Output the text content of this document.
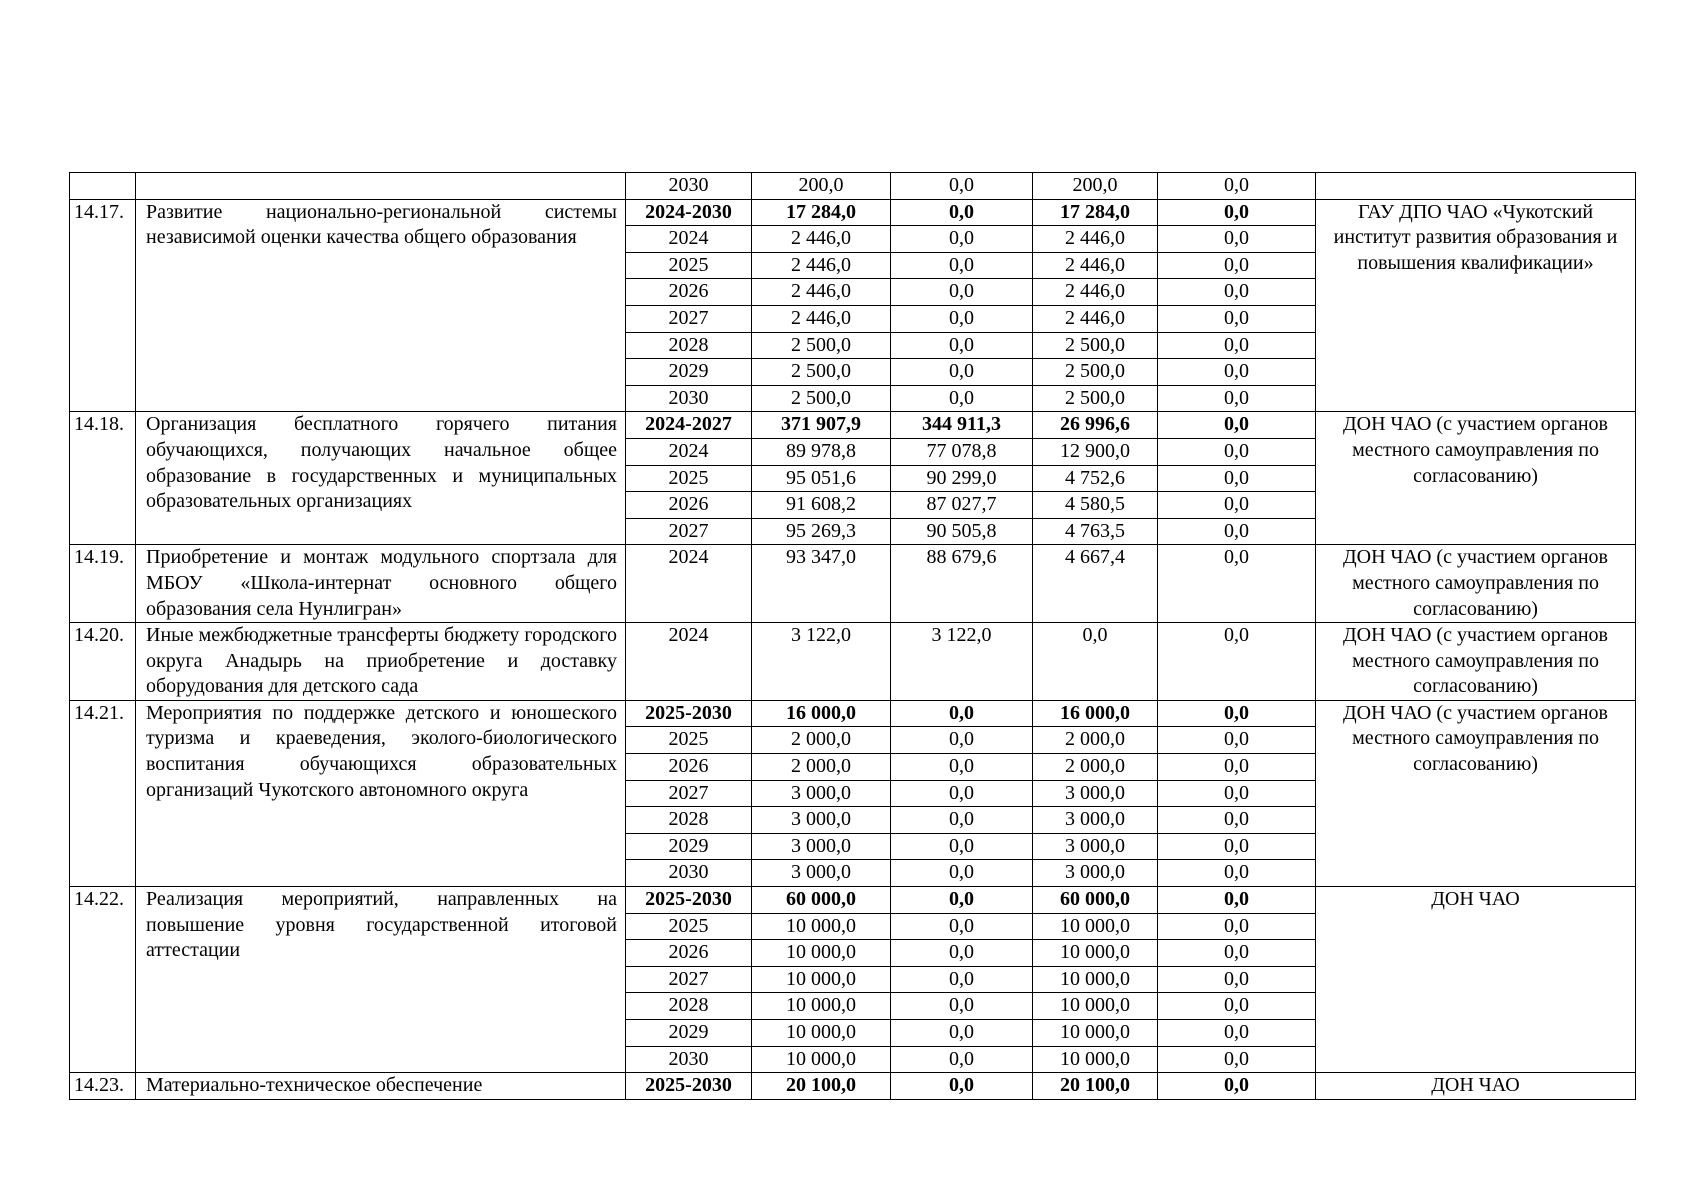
		2030	200,0	0,0	200,0	0,0	
14.17.	Развитие национально-региональной системы независимой оценки качества общего образования	2024-2030	17 284,0	0,0	17 284,0	0,0	ГАУ ДПО ЧАО «Чукотский институт развития образования и повышения квалификации»
		2024	2 446,0	0,0	2 446,0	0,0	
		2025	2 446,0	0,0	2 446,0	0,0	
		2026	2 446,0	0,0	2 446,0	0,0	
		2027	2 446,0	0,0	2 446,0	0,0	
		2028	2 500,0	0,0	2 500,0	0,0	
		2029	2 500,0	0,0	2 500,0	0,0	
		2030	2 500,0	0,0	2 500,0	0,0	
14.18.	Организация бесплатного горячего питания обучающихся, получающих начальное общее образование в государственных и муниципальных образовательных организациях	2024-2027	371 907,9	344 911,3	26 996,6	0,0	ДОН ЧАО (с участием органов местного самоуправления по согласованию)
		2024	89 978,8	77 078,8	12 900,0	0,0	
		2025	95 051,6	90 299,0	4 752,6	0,0	
		2026	91 608,2	87 027,7	4 580,5	0,0	
		2027	95 269,3	90 505,8	4 763,5	0,0	
14.19.	Приобретение и монтаж модульного спортзала для МБОУ «Школа-интернат основного общего образования села Нунлигран»	2024	93 347,0	88 679,6	4 667,4	0,0	ДОН ЧАО (с участием органов местного самоуправления по согласованию)
14.20.	Иные межбюджетные трансферты бюджету городского округа Анадырь на приобретение и доставку оборудования для детского сада	2024	3 122,0	3 122,0	0,0	0,0	ДОН ЧАО (с участием органов местного самоуправления по согласованию)
14.21.	Мероприятия по поддержке детского и юношеского туризма и краеведения, эколого-биологического воспитания обучающихся образовательных организаций Чукотского автономного округа	2025-2030	16 000,0	0,0	16 000,0	0,0	ДОН ЧАО (с участием органов местного самоуправления по согласованию)
		2025	2 000,0	0,0	2 000,0	0,0	
		2026	2 000,0	0,0	2 000,0	0,0	
		2027	3 000,0	0,0	3 000,0	0,0	
		2028	3 000,0	0,0	3 000,0	0,0	
		2029	3 000,0	0,0	3 000,0	0,0	
		2030	3 000,0	0,0	3 000,0	0,0	
14.22.	Реализация мероприятий, направленных на повышение уровня государственной итоговой аттестации	2025-2030	60 000,0	0,0	60 000,0	0,0	ДОН ЧАО
		2025	10 000,0	0,0	10 000,0	0,0	
		2026	10 000,0	0,0	10 000,0	0,0	
		2027	10 000,0	0,0	10 000,0	0,0	
		2028	10 000,0	0,0	10 000,0	0,0	
		2029	10 000,0	0,0	10 000,0	0,0	
		2030	10 000,0	0,0	10 000,0	0,0	
14.23.	Материально-техническое обеспечение	2025-2030	20 100,0	0,0	20 100,0	0,0	ДОН ЧАО
